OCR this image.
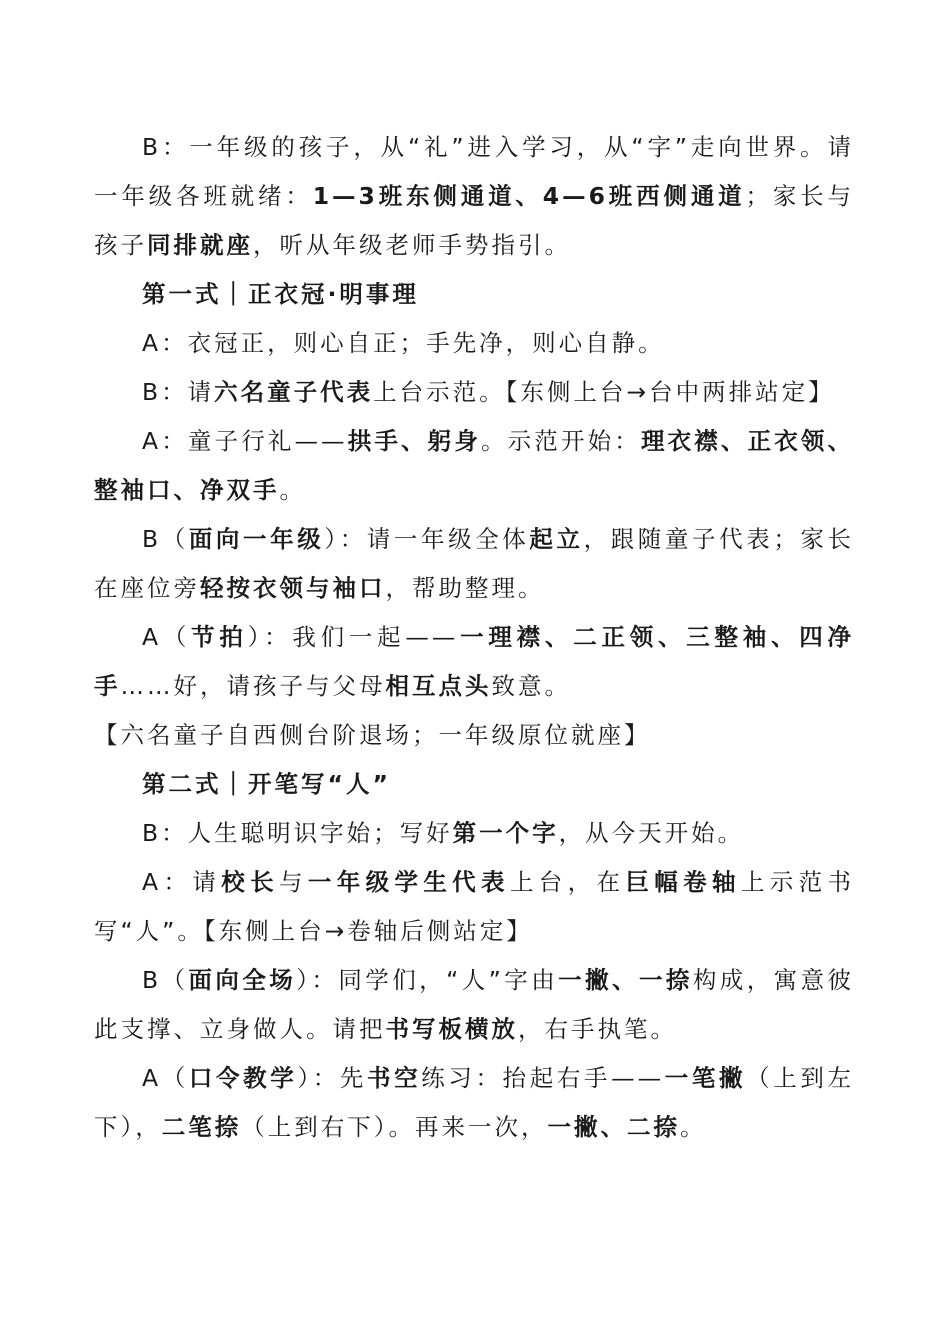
B：一年级的孩子，从“礼”进入学习，从“字”走向世界。请一年级各班就绪：1—3班东侧通道、4—6班西侧通道；家长与孩子同排就座，听从年级老师手势指引。

第一式｜正衣冠·明事理

A：衣冠正，则心自正；手先净，则心自静。

B：请六名童子代表上台示范。【东侧上台→台中两排站定】

A：童子行礼——拱手、躬身。示范开始：理衣襟、正衣领、整袖口、净双手。

B（面向一年级）：请一年级全体起立，跟随童子代表；家长在座位旁轻按衣领与袖口，帮助整理。

A（节拍）：我们一起——一理襟、二正领、三整袖、四净手……好，请孩子与父母相互点头致意。

【六名童子自西侧台阶退场；一年级原位就座】

第二式｜开笔写“人”

B：人生聪明识字始；写好第一个字，从今天开始。

A：请校长与一年级学生代表上台，在巨幅卷轴上示范书写“人”。【东侧上台→卷轴后侧站定】

B（面向全场）：同学们，“人”字由一撇、一捺构成，寓意彼此支撑、立身做人。请把书写板横放，右手执笔。

A（口令教学）：先书空练习：抬起右手——一笔撇（上到左下），二笔捺（上到右下）。再来一次，一撇、二捺。
